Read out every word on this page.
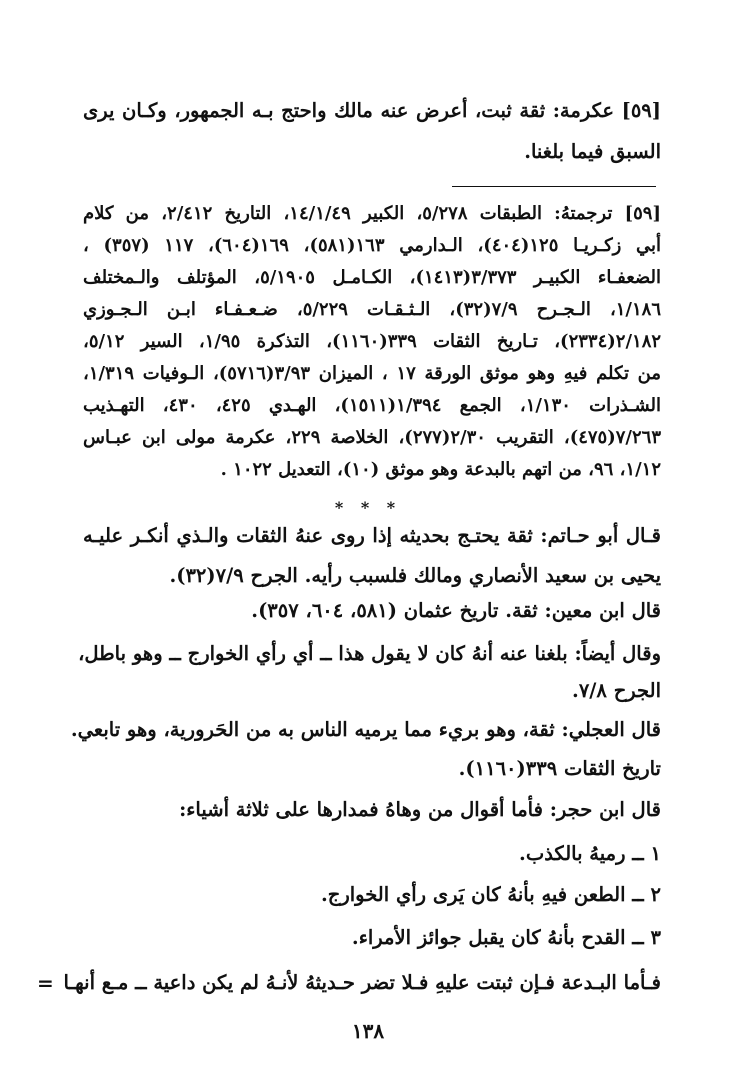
[٥٩] عكرمة: ثقة ثبت، أعرض عنه مالك واحتج بـه الجمهور، وكـان يرى
السبق فيما بلغنا.
[٥٩] ترجمتهُ: الطبقات ٥/٢٧٨، الكبير ١٤/١/٤٩، التاريخ ٢/٤١٢، من كلام
أبي زكـريـا ١٢٥(٤٠٤)، الـدارمي ١٦٣(٥٨١)، ١٦٩(٦٠٤)، ١١٧ (٣٥٧) ،
الضعفـاء الكبيـر ٣/٣٧٣(١٤١٣)، الكـامـل ٥/١٩٠٥، المؤتلف والـمختلف
١/١٨٦، الـجـرح ٧/٩(٣٢)، الـثـقـات ٥/٢٢٩، ضـعـفـاء ابـن الـجـوزي
٢/١٨٢(٢٣٣٤)، تـاريخ الثقات ٣٣٩(١١٦٠)، التذكرة ١/٩٥، السير ٥/١٢،
من تكلم فيهِ وهو موثق الورقة ١٧ ، الميزان ٣/٩٣(٥٧١٦)، الـوفيات ١/٣١٩،
الشـذرات ١/١٣٠، الجمع ١/٣٩٤(١٥١١)، الهـدي ٤٢٥، ٤٣٠، التهـذيب
٧/٢٦٣(٤٧٥)، التقريب ٢/٣٠(٢٧٧)، الخلاصة ٢٢٩، عكرمة مولى ابن عبـاس
١/١٢، ٩٦، من اتهم بالبدعة وهو موثق (١٠)، التعديل ١٠٢٢ .
* * *
قـال أبو حـاتم: ثقة يحتـج بحديثه إذا روى عنهُ الثقات والـذي أنكـر عليـه
يحيى بن سعيد الأنصاري ومالك فلسبب رأيه. الجرح ٧/٩(٣٢).
قال ابن معين: ثقة. تاريخ عثمان (٥٨١، ٦٠٤، ٣٥٧).
وقال أيضاً: بلغنا عنه أنهُ كان لا يقول هذا ــ أي رأي الخوارج ــ وهو باطل،
الجرح ٧/٨.
قال العجلي: ثقة، وهو بريء مما يرميه الناس به من الحَرورية، وهو تابعي.
تاريخ الثقات ٣٣٩(١١٦٠).
قال ابن حجر: فأما أقوال من وهاهُ فمدارها على ثلاثة أشياء:
١ ــ رميهُ بالكذب.
٢ ــ الطعن فيهِ بأنهُ كان يَرى رأي الخوارج.
٣ ــ القدح بأنهُ كان يقبل جوائز الأمراء.
فـأما البـدعة فـإن ثبتت عليهِ فـلا تضر حـديثهُ لأنـهُ لم يكن داعية ــ مـع أنهـا
=
١٣٨
